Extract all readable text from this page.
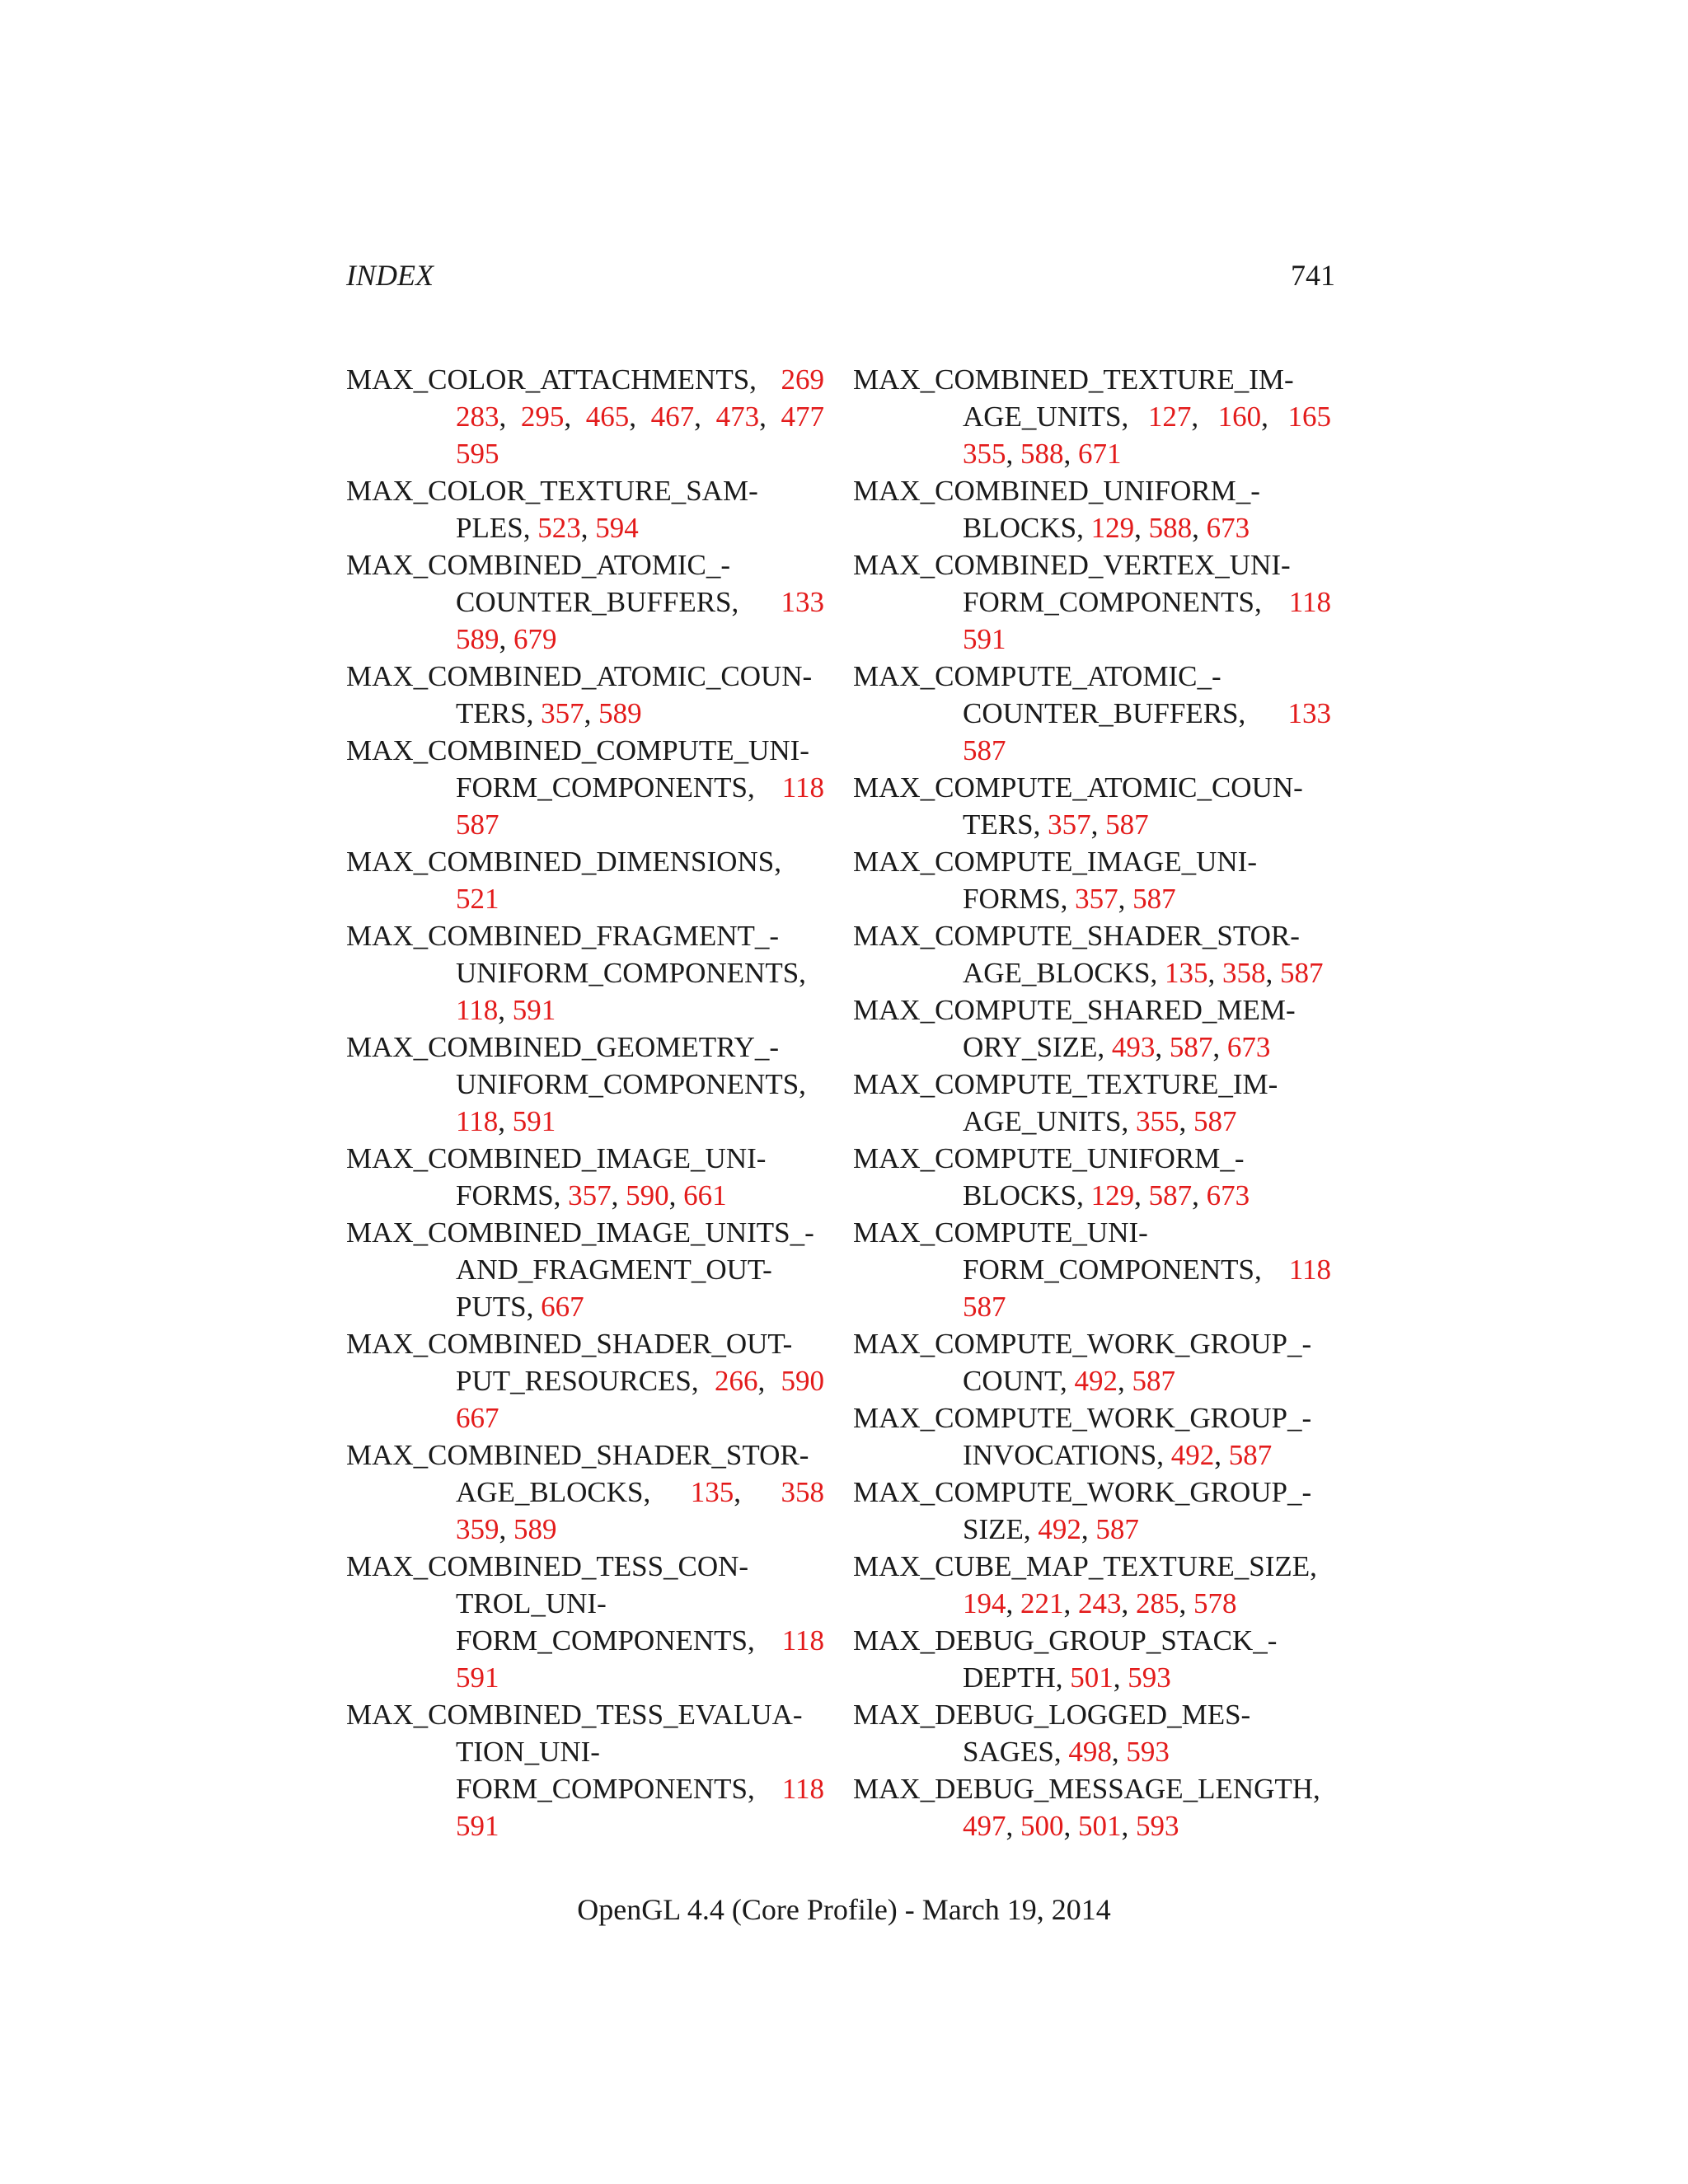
INDEX	741
MAX_COLOR_ATTACHMENTS, 269
283, 295, 465, 467, 473, 477
595
MAX_COLOR_TEXTURE_SAM-
PLES, 523, 594
MAX_COMBINED_ATOMIC_-
COUNTER_BUFFERS, 133
589, 679
MAX_COMBINED_ATOMIC_COUN-
TERS, 357, 589
MAX_COMBINED_COMPUTE_UNI-
FORM_COMPONENTS, 118
587
MAX_COMBINED_DIMENSIONS,
521
MAX_COMBINED_FRAGMENT_-
UNIFORM_COMPONENTS,
118, 591
MAX_COMBINED_GEOMETRY_-
UNIFORM_COMPONENTS,
118, 591
MAX_COMBINED_IMAGE_UNI-
FORMS, 357, 590, 661
MAX_COMBINED_IMAGE_UNITS_-
AND_FRAGMENT_OUT-
PUTS, 667
MAX_COMBINED_SHADER_OUT-
PUT_RESOURCES, 266, 590
667
MAX_COMBINED_SHADER_STOR-
AGE_BLOCKS, 135, 358
359, 589
MAX_COMBINED_TESS_CON-
TROL_UNI-
FORM_COMPONENTS, 118
591
MAX_COMBINED_TESS_EVALUA-
TION_UNI-
FORM_COMPONENTS, 118
591
MAX_COMBINED_TEXTURE_IM-
AGE_UNITS, 127, 160, 165
355, 588, 671
MAX_COMBINED_UNIFORM_-
BLOCKS, 129, 588, 673
MAX_COMBINED_VERTEX_UNI-
FORM_COMPONENTS, 118
591
MAX_COMPUTE_ATOMIC_-
COUNTER_BUFFERS, 133
587
MAX_COMPUTE_ATOMIC_COUN-
TERS, 357, 587
MAX_COMPUTE_IMAGE_UNI-
FORMS, 357, 587
MAX_COMPUTE_SHADER_STOR-
AGE_BLOCKS, 135, 358, 587
MAX_COMPUTE_SHARED_MEM-
ORY_SIZE, 493, 587, 673
MAX_COMPUTE_TEXTURE_IM-
AGE_UNITS, 355, 587
MAX_COMPUTE_UNIFORM_-
BLOCKS, 129, 587, 673
MAX_COMPUTE_UNI-
FORM_COMPONENTS, 118
587
MAX_COMPUTE_WORK_GROUP_-
COUNT, 492, 587
MAX_COMPUTE_WORK_GROUP_-
INVOCATIONS, 492, 587
MAX_COMPUTE_WORK_GROUP_-
SIZE, 492, 587
MAX_CUBE_MAP_TEXTURE_SIZE,
194, 221, 243, 285, 578
MAX_DEBUG_GROUP_STACK_-
DEPTH, 501, 593
MAX_DEBUG_LOGGED_MES-
SAGES, 498, 593
MAX_DEBUG_MESSAGE_LENGTH,
497, 500, 501, 593
OpenGL 4.4 (Core Profile) - March 19, 2014
